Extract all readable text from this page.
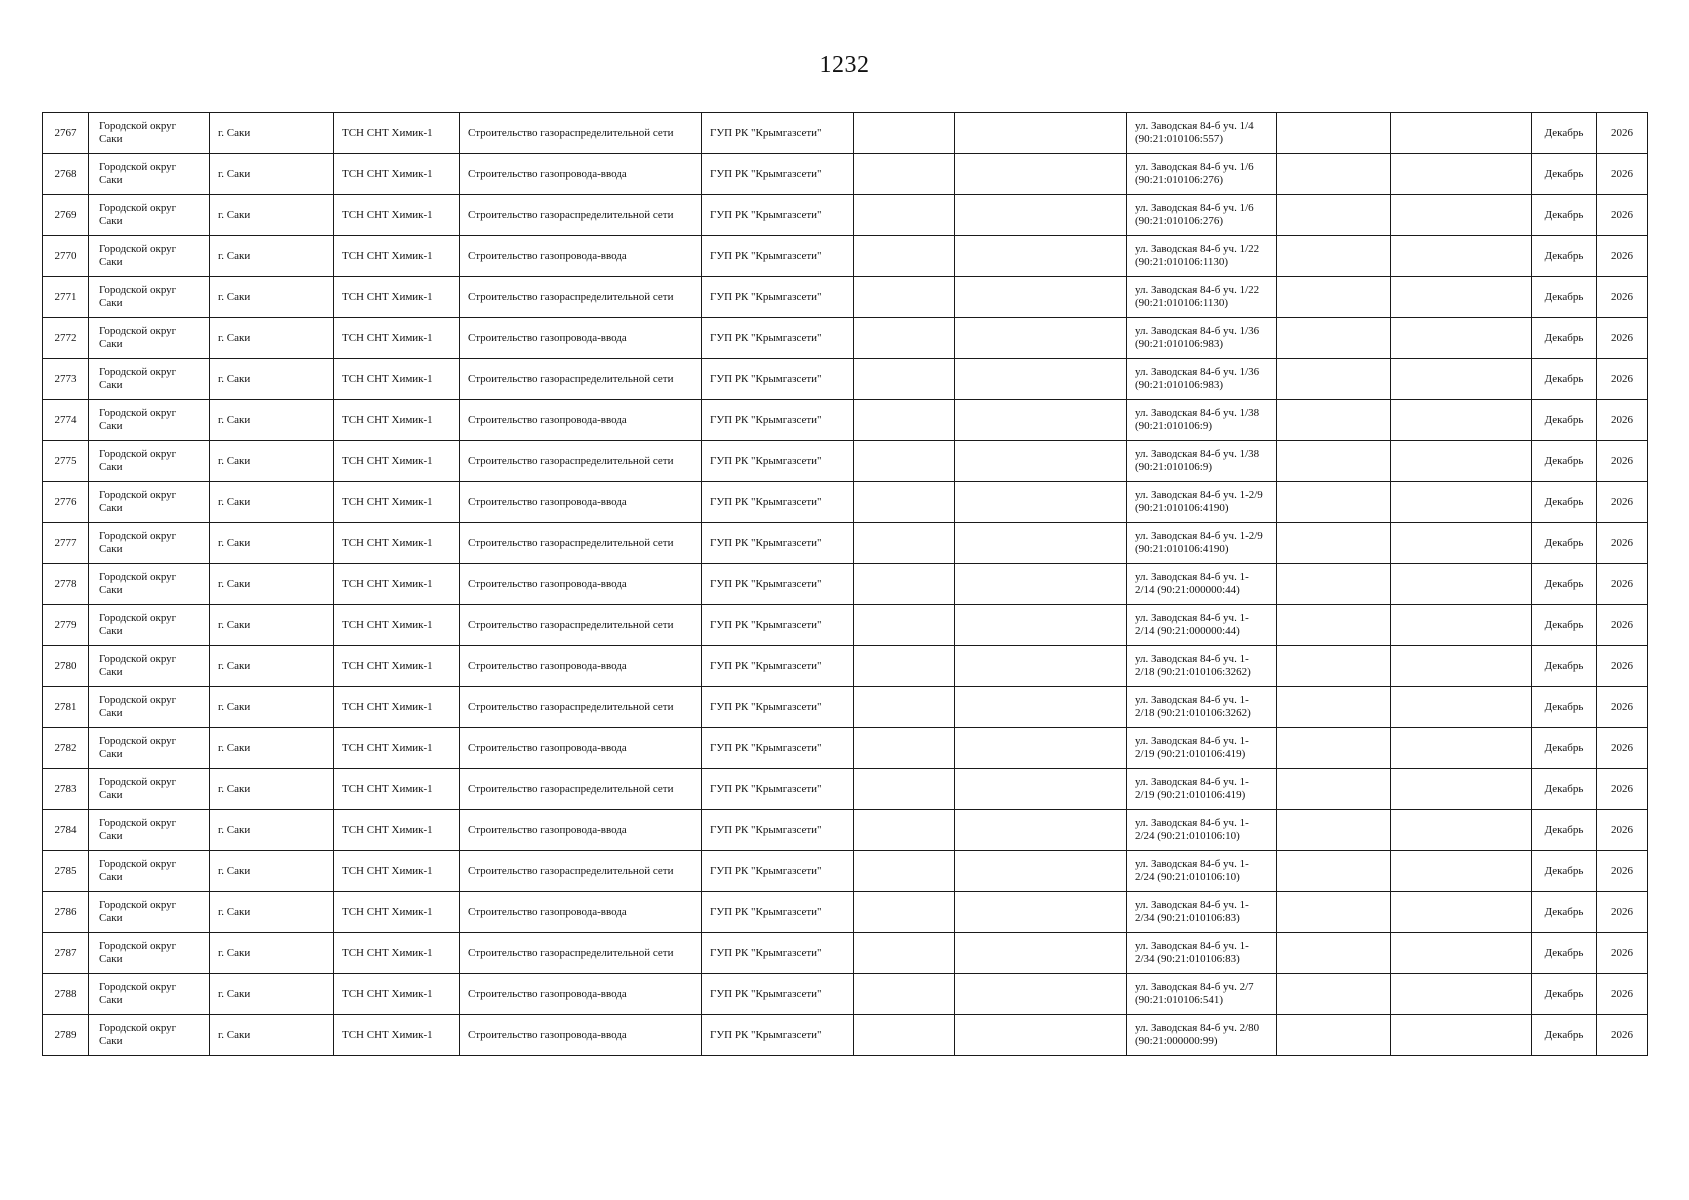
1232
2767	Городской округ Саки	г. Саки	ТСН СНТ Химик-1	Строительство газораспределительной сети	ГУП РК "Крымгазсети"			ул. Заводская 84-б уч. 1/4 (90:21:010106:557)			Декабрь	2026
2768	Городской округ Саки	г. Саки	ТСН СНТ Химик-1	Строительство газопровода-ввода	ГУП РК "Крымгазсети"			ул. Заводская 84-б уч. 1/6 (90:21:010106:276)			Декабрь	2026
2769	Городской округ Саки	г. Саки	ТСН СНТ Химик-1	Строительство газораспределительной сети	ГУП РК "Крымгазсети"			ул. Заводская 84-б уч. 1/6 (90:21:010106:276)			Декабрь	2026
2770	Городской округ Саки	г. Саки	ТСН СНТ Химик-1	Строительство газопровода-ввода	ГУП РК "Крымгазсети"			ул. Заводская 84-б уч. 1/22 (90:21:010106:1130)			Декабрь	2026
2771	Городской округ Саки	г. Саки	ТСН СНТ Химик-1	Строительство газораспределительной сети	ГУП РК "Крымгазсети"			ул. Заводская 84-б уч. 1/22 (90:21:010106:1130)			Декабрь	2026
2772	Городской округ Саки	г. Саки	ТСН СНТ Химик-1	Строительство газопровода-ввода	ГУП РК "Крымгазсети"			ул. Заводская 84-б уч. 1/36 (90:21:010106:983)			Декабрь	2026
2773	Городской округ Саки	г. Саки	ТСН СНТ Химик-1	Строительство газораспределительной сети	ГУП РК "Крымгазсети"			ул. Заводская 84-б уч. 1/36 (90:21:010106:983)			Декабрь	2026
2774	Городской округ Саки	г. Саки	ТСН СНТ Химик-1	Строительство газопровода-ввода	ГУП РК "Крымгазсети"			ул. Заводская 84-б уч. 1/38 (90:21:010106:9)			Декабрь	2026
2775	Городской округ Саки	г. Саки	ТСН СНТ Химик-1	Строительство газораспределительной сети	ГУП РК "Крымгазсети"			ул. Заводская 84-б уч. 1/38 (90:21:010106:9)			Декабрь	2026
2776	Городской округ Саки	г. Саки	ТСН СНТ Химик-1	Строительство газопровода-ввода	ГУП РК "Крымгазсети"			ул. Заводская 84-б уч. 1-2/9 (90:21:010106:4190)			Декабрь	2026
2777	Городской округ Саки	г. Саки	ТСН СНТ Химик-1	Строительство газораспределительной сети	ГУП РК "Крымгазсети"			ул. Заводская 84-б уч. 1-2/9 (90:21:010106:4190)			Декабрь	2026
2778	Городской округ Саки	г. Саки	ТСН СНТ Химик-1	Строительство газопровода-ввода	ГУП РК "Крымгазсети"			ул. Заводская 84-б уч. 1-2/14 (90:21:000000:44)			Декабрь	2026
2779	Городской округ Саки	г. Саки	ТСН СНТ Химик-1	Строительство газораспределительной сети	ГУП РК "Крымгазсети"			ул. Заводская 84-б уч. 1-2/14 (90:21:000000:44)			Декабрь	2026
2780	Городской округ Саки	г. Саки	ТСН СНТ Химик-1	Строительство газопровода-ввода	ГУП РК "Крымгазсети"			ул. Заводская 84-б уч. 1-2/18 (90:21:010106:3262)			Декабрь	2026
2781	Городской округ Саки	г. Саки	ТСН СНТ Химик-1	Строительство газораспределительной сети	ГУП РК "Крымгазсети"			ул. Заводская 84-б уч. 1-2/18 (90:21:010106:3262)			Декабрь	2026
2782	Городской округ Саки	г. Саки	ТСН СНТ Химик-1	Строительство газопровода-ввода	ГУП РК "Крымгазсети"			ул. Заводская 84-б уч. 1-2/19 (90:21:010106:419)			Декабрь	2026
2783	Городской округ Саки	г. Саки	ТСН СНТ Химик-1	Строительство газораспределительной сети	ГУП РК "Крымгазсети"			ул. Заводская 84-б уч. 1-2/19 (90:21:010106:419)			Декабрь	2026
2784	Городской округ Саки	г. Саки	ТСН СНТ Химик-1	Строительство газопровода-ввода	ГУП РК "Крымгазсети"			ул. Заводская 84-б уч. 1-2/24 (90:21:010106:10)			Декабрь	2026
2785	Городской округ Саки	г. Саки	ТСН СНТ Химик-1	Строительство газораспределительной сети	ГУП РК "Крымгазсети"			ул. Заводская 84-б уч. 1-2/24 (90:21:010106:10)			Декабрь	2026
2786	Городской округ Саки	г. Саки	ТСН СНТ Химик-1	Строительство газопровода-ввода	ГУП РК "Крымгазсети"			ул. Заводская 84-б уч. 1-2/34 (90:21:010106:83)			Декабрь	2026
2787	Городской округ Саки	г. Саки	ТСН СНТ Химик-1	Строительство газораспределительной сети	ГУП РК "Крымгазсети"			ул. Заводская 84-б уч. 1-2/34 (90:21:010106:83)			Декабрь	2026
2788	Городской округ Саки	г. Саки	ТСН СНТ Химик-1	Строительство газопровода-ввода	ГУП РК "Крымгазсети"			ул. Заводская 84-б уч. 2/7 (90:21:010106:541)			Декабрь	2026
2789	Городской округ Саки	г. Саки	ТСН СНТ Химик-1	Строительство газопровода-ввода	ГУП РК "Крымгазсети"			ул. Заводская 84-б уч. 2/80 (90:21:000000:99)			Декабрь	2026
